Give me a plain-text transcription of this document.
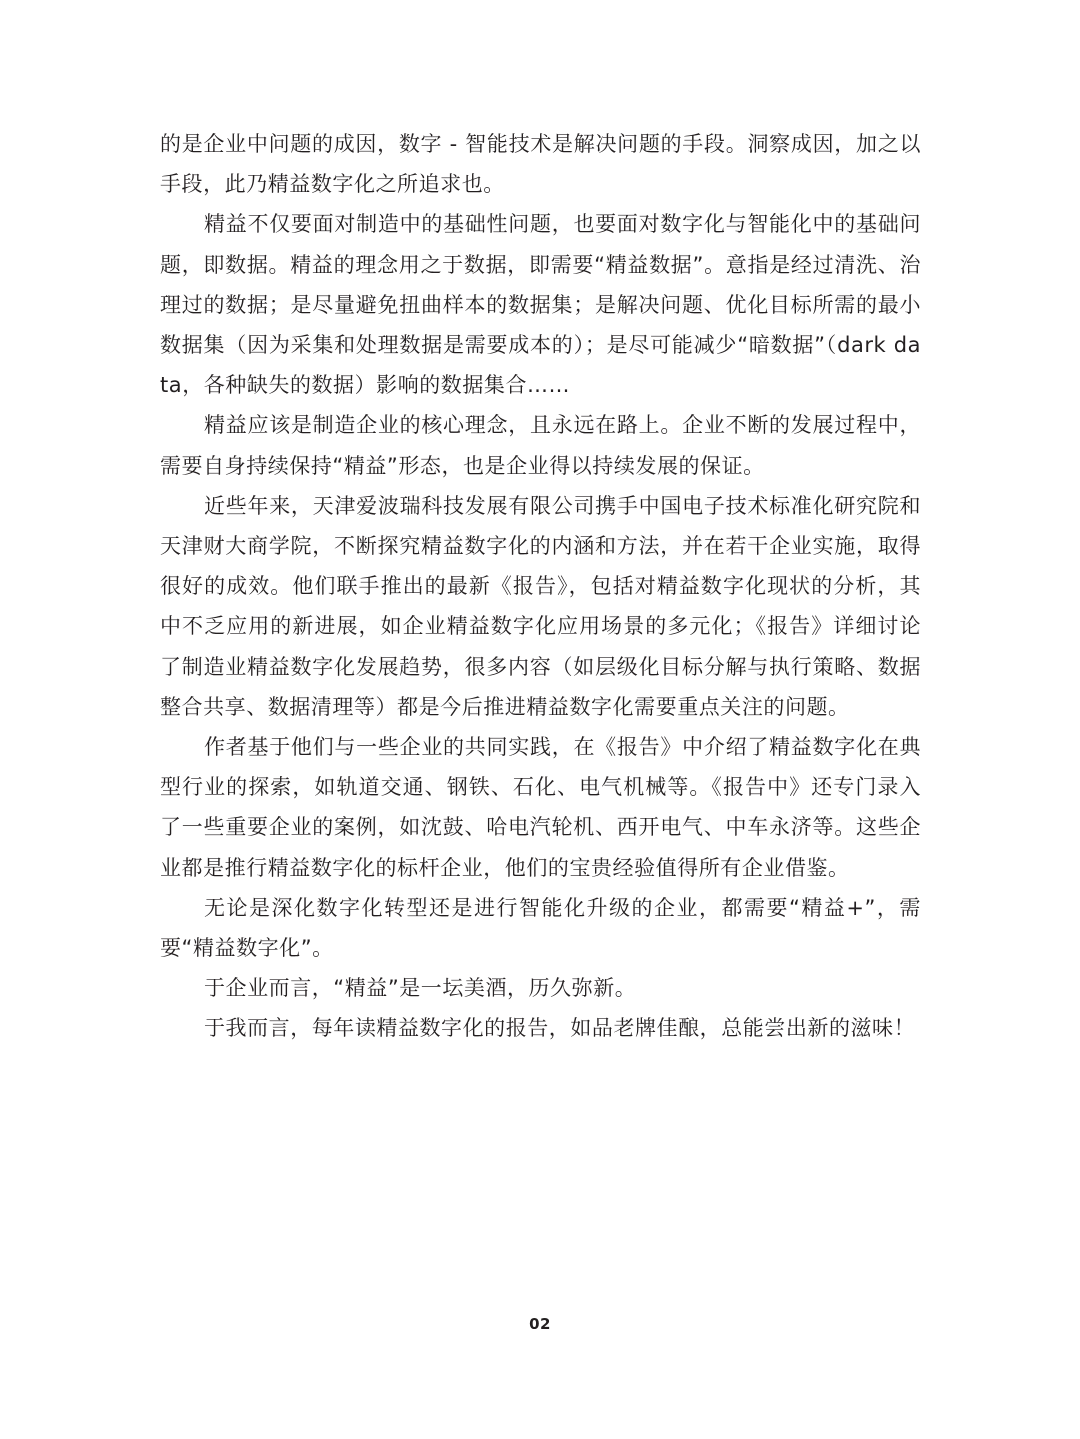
的是企业中问题的成因，数字 - 智能技术是解决问题的手段。洞察成因，加之以手段，此乃精益数字化之所追求也。

精益不仅要面对制造中的基础性问题，也要面对数字化与智能化中的基础问题，即数据。精益的理念用之于数据，即需要“精益数据”。意指是经过清洗、治理过的数据；是尽量避免扭曲样本的数据集；是解决问题、优化目标所需的最小数据集（因为采集和处理数据是需要成本的）；是尽可能减少“暗数据”（dark data，各种缺失的数据）影响的数据集合……

精益应该是制造企业的核心理念，且永远在路上。企业不断的发展过程中，需要自身持续保持“精益”形态，也是企业得以持续发展的保证。

近些年来，天津爱波瑞科技发展有限公司携手中国电子技术标准化研究院和天津财大商学院，不断探究精益数字化的内涵和方法，并在若干企业实施，取得很好的成效。他们联手推出的最新《报告》，包括对精益数字化现状的分析，其中不乏应用的新进展，如企业精益数字化应用场景的多元化；《报告》详细讨论了制造业精益数字化发展趋势，很多内容（如层级化目标分解与执行策略、数据整合共享、数据清理等）都是今后推进精益数字化需要重点关注的问题。

作者基于他们与一些企业的共同实践，在《报告》中介绍了精益数字化在典型行业的探索，如轨道交通、钢铁、石化、电气机械等。《报告中》还专门录入了一些重要企业的案例，如沈鼓、哈电汽轮机、西开电气、中车永济等。这些企业都是推行精益数字化的标杆企业，他们的宝贵经验值得所有企业借鉴。

无论是深化数字化转型还是进行智能化升级的企业，都需要“精益+”，需要“精益数字化”。

于企业而言，“精益”是一坛美酒，历久弥新。

于我而言，每年读精益数字化的报告，如品老牌佳酿，总能尝出新的滋味！

02
